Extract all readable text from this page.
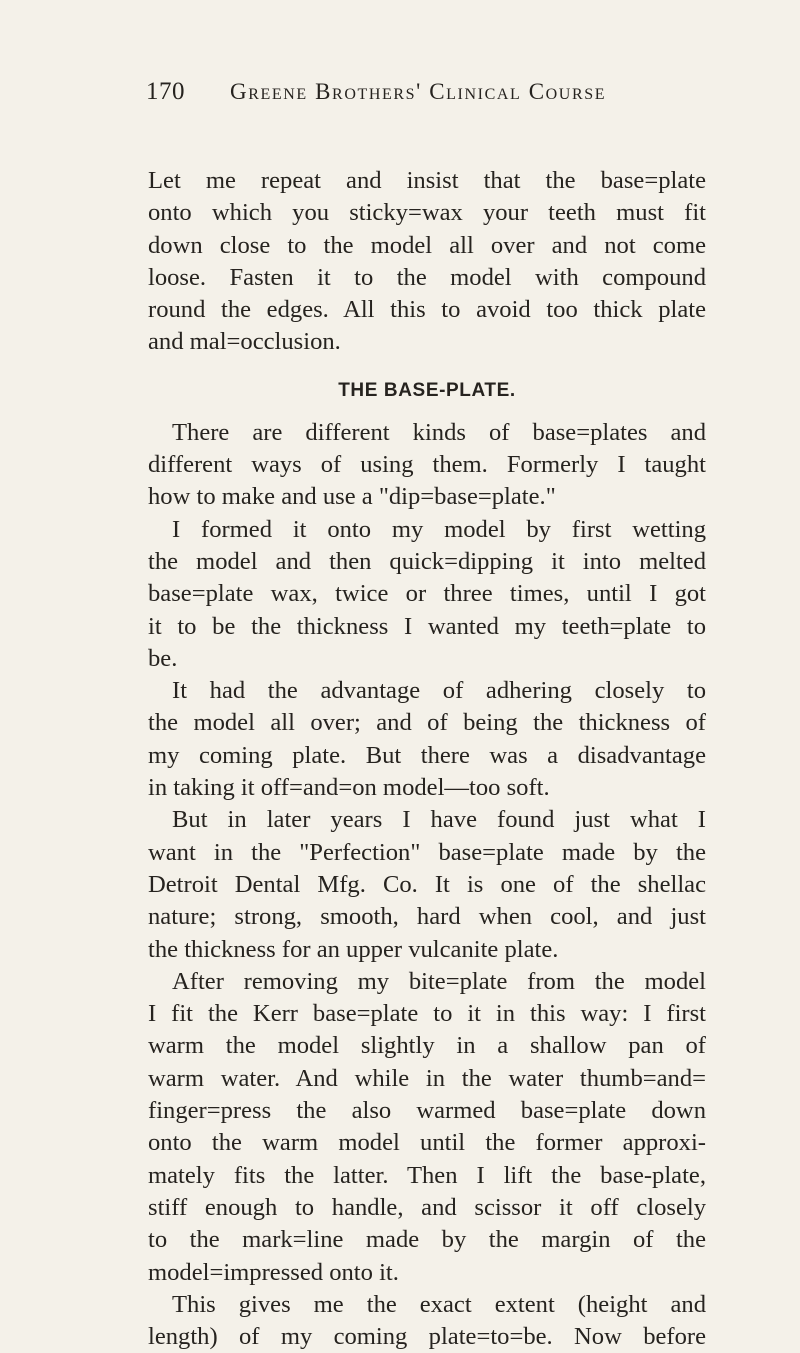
170 Greene Brothers' Clinical Course

Let me repeat and insist that the base=plate
onto which you sticky=wax your teeth must fit
down close to the model all over and not come
loose. Fasten it to the model with compound
round the edges. All this to avoid too thick plate
and mal=occlusion.

THE BASE-PLATE.

There are different kinds of base=plates and
different ways of using them. Formerly I taught
how to make and use a "dip=base=plate."

I formed it onto my model by first wetting
the model and then quick=dipping it into melted
base=plate wax, twice or three times, until I got
it to be the thickness I wanted my teeth=plate to
be.

It had the advantage of adhering closely to
the model all over; and of being the thickness of
my coming plate. But there was a disadvantage
in taking it off=and=on model—too soft.

But in later years I have found just what I
want in the "Perfection" base=plate made by the
Detroit Dental Mfg. Co. It is one of the shellac
nature; strong, smooth, hard when cool, and just
the thickness for an upper vulcanite plate.

After removing my bite=plate from the model
I fit the Kerr base=plate to it in this way: I first
warm the model slightly in a shallow pan of
warm water. And while in the water thumb=and=
finger=press the also warmed base=plate down
onto the warm model until the former approxi-
mately fits the latter. Then I lift the base-plate,
stiff enough to handle, and scissor it off closely
to the mark=line made by the margin of the
model=impressed onto it.

This gives me the exact extent (height and
length) of my coming plate=to=be. Now before
